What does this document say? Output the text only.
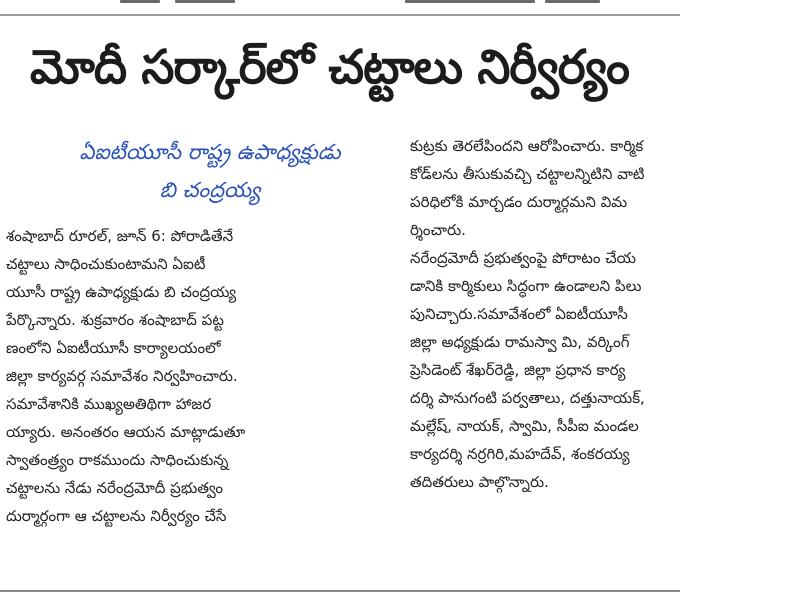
మోదీ సర్కార్‌లో చట్టాలు నిర్వీర్యం
ఏఐటీయూసీ రాష్ట్ర ఉపాధ్యక్షుడు
బి చంద్రయ్య
శంషాబాద్ రూరల్, జూన్ 6: పోరాడితేనే
చట్టాలు సాధించుకుంటామని ఏఐటీ
యూసీ రాష్ట్ర ఉపాధ్యక్షుడు బి చంద్రయ్య
పేర్కొన్నారు. శుక్రవారం శంషాబాద్ పట్ట
ణంలోని ఏఐటీయూసీ కార్యాలయంలో
జిల్లా కార్యవర్గ సమావేశం నిర్వహించారు.
సమావేశానికి ముఖ్యఅతిథిగా హాజర
య్యారు. అనంతరం ఆయన మాట్లాడుతూ
స్వాతంత్ర్యం రాకముందు సాధించుకున్న
చట్టాలను నేడు నరేంద్రమోదీ ప్రభుత్వం
దుర్మార్గంగా ఆ చట్టాలను నిర్వీర్యం చేసే
కుట్రకు తెరలేపిందని ఆరోపించారు. కార్మిక
కోడ్‌లను తీసుకువచ్చి చట్టాలన్నిటిని వాటి
పరిధిలోకి మార్చడం దుర్మార్గమని విమ
ర్శించారు.
నరేంద్రమోదీ ప్రభుత్వంపై పోరాటం చేయ
డానికి కార్మికులు సిద్ధంగా ఉండాలని పిలు
పునిచ్చారు.సమావేశంలో ఏఐటీయూసీ
జిల్లా అధ్యక్షుడు రామస్వా మి, వర్కింగ్
ప్రెసిడెంట్ శేఖర్‌రెడ్డి, జిల్లా ప్రధాన కార్య
దర్శి పానుగంటి పర్వతాలు, దత్తునాయక్,
మల్లేష్, నాయక్, స్వామి, సీపీఐ మండల
కార్యదర్శి నర్రగిరి,మహదేవ్, శంకరయ్య
తదితరులు పాల్గొన్నారు.
